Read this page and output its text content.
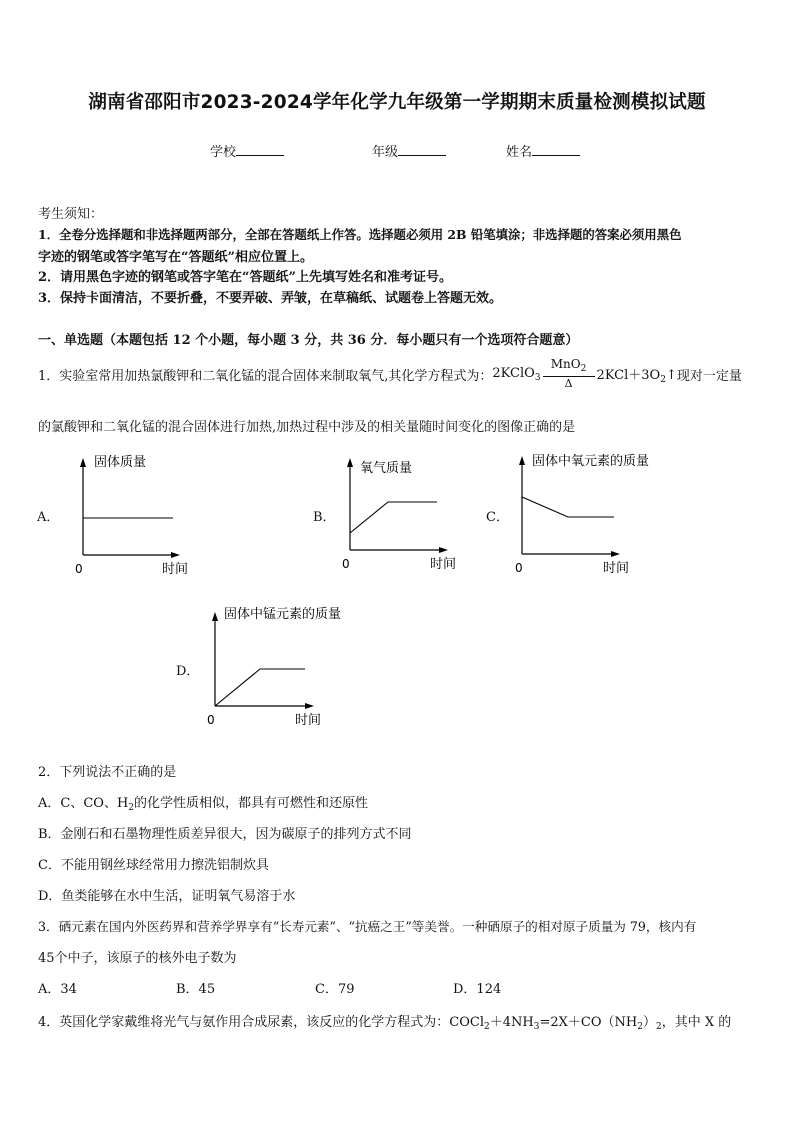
湖南省邵阳市2023-2024学年化学九年级第一学期期末质量检测模拟试题
学校	年级	姓名
考生须知：
1．全卷分选择题和非选择题两部分，全部在答题纸上作答。选择题必须用 2B 铅笔填涂；非选择题的答案必须用黑色
字迹的钢笔或答字笔写在“答题纸”相应位置上。
2．请用黑色字迹的钢笔或答字笔在“答题纸”上先填写姓名和准考证号。
3．保持卡面清洁，不要折叠，不要弄破、弄皱，在草稿纸、试题卷上答题无效。
一、单选题（本题包括 12 个小题，每小题 3 分，共 36 分．每小题只有一个选项符合题意）
1．实验室常用加热氯酸钾和二氧化锰的混合固体来制取氧气,其化学方程式为： 2KClO$_3$ $\frac{MnO_2}{\Delta}$ $2KCl+3O_2↑$ 现对一定量
的氯酸钾和二氧化锰的混合固体进行加热,加热过程中涉及的相关量随时间变化的图像正确的是
A．
固体质量
0	时间
B．
氧气质量
0	时间
C．
固体中氧元素的质量
0	时间
D．
固体中锰元素的质量
0	时间
2．下列说法不正确的是
A．C、CO、$H_2$的化学性质相似，都具有可燃性和还原性
B．金刚石和石墨物理性质差异很大，因为碳原子的排列方式不同
C．不能用钢丝球经常用力擦洗铝制炊具
D．鱼类能够在水中生活，证明氧气易溶于水
3．硒元素在国内外医药界和营养学界享有“长寿元素”、“抗癌之王”等美誉。一种硒原子的相对原子质量为 79，核内有
45个中子，该原子的核外电子数为
A．34	B．45	C．79	D．124
4．英国化学家戴维将光气与氨作用合成尿素，该反应的化学方程式为：$COCl_2+4NH_3=2X+CO(NH_2)_2$，其中 X 的
